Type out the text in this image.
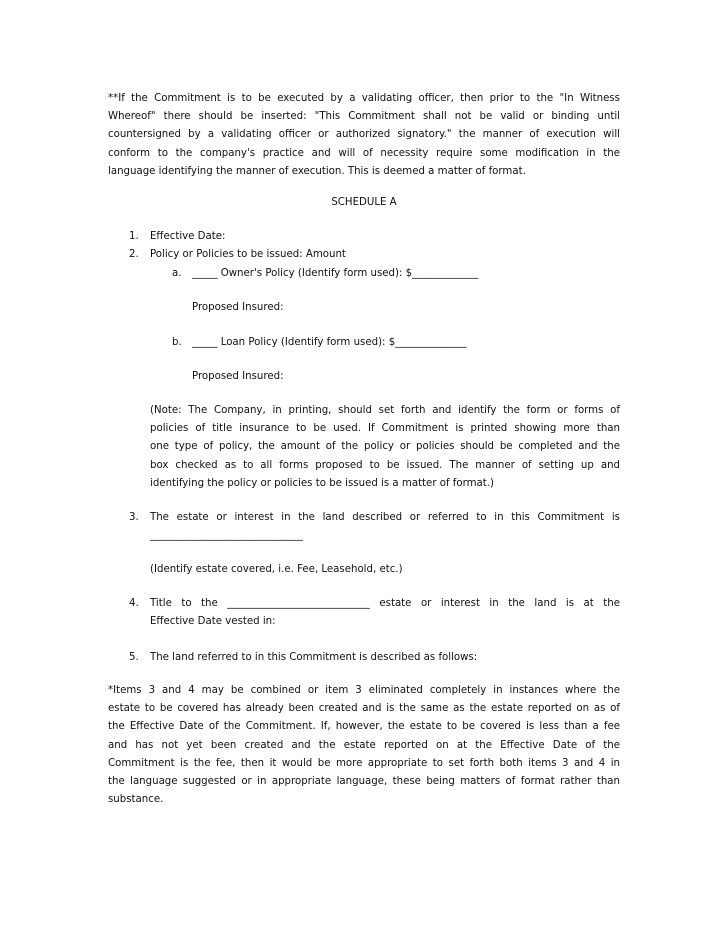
**If the Commitment is to be executed by a validating officer, then prior to the "In Witness
Whereof" there should be inserted: "This Commitment shall not be valid or binding until
countersigned by a validating officer or authorized signatory." the manner of execution will
conform to the company's practice and will of necessity require some modification in the
language identifying the manner of execution. This is deemed a matter of format.
SCHEDULE A
1. Effective Date:
2. Policy or Policies to be issued: Amount
a. _____ Owner's Policy (Identify form used): $_____________
Proposed Insured:
b. _____ Loan Policy (Identify form used): $______________
Proposed Insured:
(Note: The Company, in printing, should set forth and identify the form or forms of
policies of title insurance to be used. If Commitment is printed showing more than
one type of policy, the amount of the policy or policies should be completed and the
box checked as to all forms proposed to be issued. The manner of setting up and
identifying the policy or policies to be issued is a matter of format.)
3. The estate or interest in the land described or referred to in this Commitment is
______________________________
(Identify estate covered, i.e. Fee, Leasehold, etc.)
4. Title to the ____________________________ estate or interest in the land is at the
Effective Date vested in:
5. The land referred to in this Commitment is described as follows:
*Items 3 and 4 may be combined or item 3 eliminated completely in instances where the
estate to be covered has already been created and is the same as the estate reported on as of
the Effective Date of the Commitment. If, however, the estate to be covered is less than a fee
and has not yet been created and the estate reported on at the Effective Date of the
Commitment is the fee, then it would be more appropriate to set forth both items 3 and 4 in
the language suggested or in appropriate language, these being matters of format rather than
substance.
